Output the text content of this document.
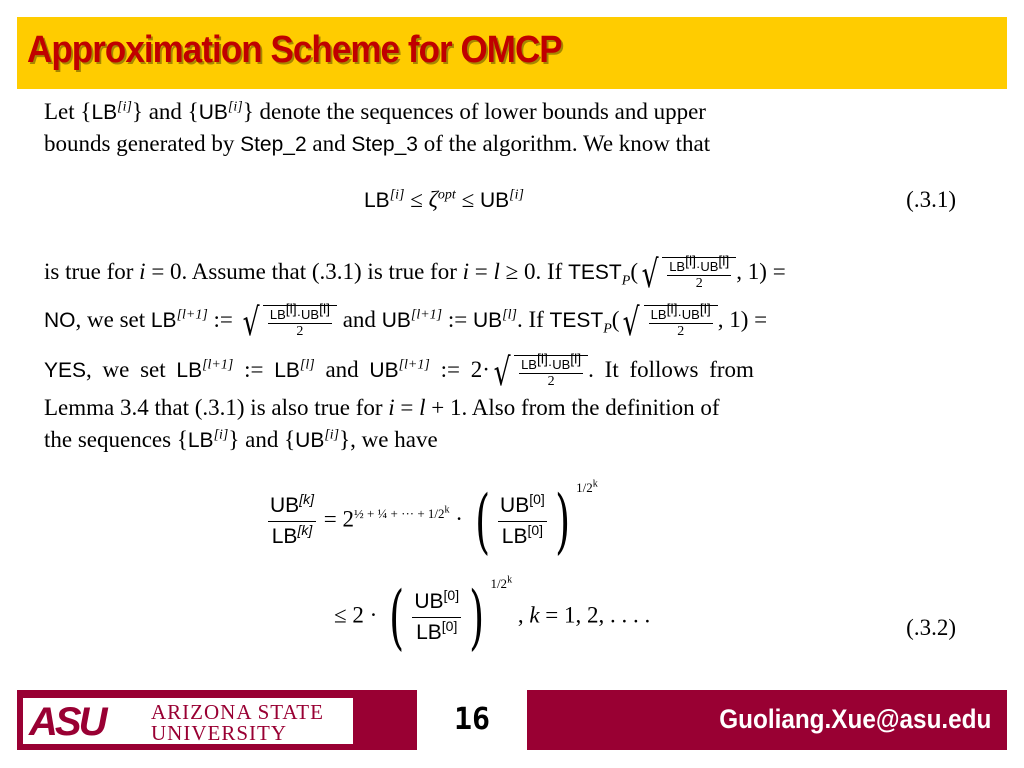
Approximation Scheme for OMCP
Let {LB[i]} and {UB[i]} denote the sequences of lower bounds and upper
bounds generated by Step_2 and Step_3 of the algorithm. We know that
$LB[i] \le \zeta^{opt} \le UB[i]$	(.3.1)
is true for i = 0. Assume that (.3.1) is true for i = l ≥ 0. If $TEST_P$( √ $\frac{LB^{[l]}\cdot UB^{[l]}}{2}$ , 1) =
NO, we set LB[l+1] := √ $\frac{LB^{[l]}\cdot UB^{[l]}}{2}$ and UB[l+1] := UB[l]. If $TEST_P$( √ $\frac{LB^{[l]}\cdot UB^{[l]}}{2}$ , 1) =
YES, we set LB[l+1] := LB[l] and UB[l+1] := 2· √ $\frac{LB^{[l]}\cdot UB^{[l]}}{2}$ . It follows from
Lemma 3.4 that (.3.1) is also true for i = l + 1. Also from the definition of
the sequences {LB[i]} and {UB[i]}, we have
$\frac{UB^{[k]}}{LB^{[k]}} = 2^{\frac{1}{2} + \frac{1}{4} + \cdot\cdot\cdot + 1/2^k}$ · ( $\frac{UB^{[0]}}{LB^{[0]}}$ ) $^{1/2^k}$
≤ 2 · ( $\frac{UB^{[0]}}{LB^{[0]}}$ ) $^{1/2^k}$ , k = 1, 2, . . . .
(.3.2)
ASU ARIZONA STATE
UNIVERSITY	16	Guoliang.Xue@asu.edu
